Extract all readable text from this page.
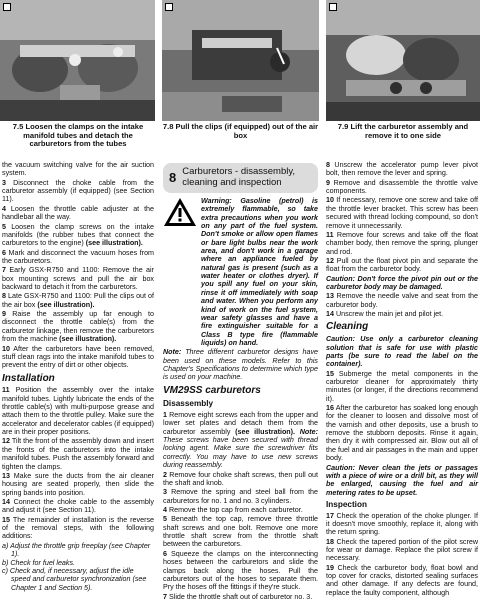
7.5 Loosen the clamps on the intake manifold tubes and detach the carburetors from the tubes
7.8 Pull the clips (if equipped) out of the air box
7.9 Lift the carburetor assembly and remove it to one side

the vacuum switching valve for the air suction system.

3 Disconnect the choke cable from the carburetor assembly (if equipped) (see Section 11).

4 Loosen the throttle cable adjuster at the handlebar all the way.

5 Loosen the clamp screws on the intake manifolds (the rubber tubes that connect the carburetors to the engine) (see illustration).

6 Mark and disconnect the vacuum hoses from the carburetors.

7 Early GSX-R750 and 1100: Remove the air box mounting screws and pull the air box backward to detach it from the carburetors.

8 Late GSX-R750 and 1100: Pull the clips out of the air box (see illustration).

9 Raise the assembly up far enough to disconnect the throttle cable(s) from the carburetor linkage, then remove the carburetors from the machine (see illustration).

10 After the carburetors have been removed, stuff clean rags into the intake manifold tubes to prevent the entry of dirt or other objects.

Installation

11 Position the assembly over the intake manifold tubes. Lightly lubricate the ends of the throttle cable(s) with multi-purpose grease and attach them to the throttle pulley. Make sure the accelerator and decelerator cables (if equipped) are in their proper positions.

12 Tilt the front of the assembly down and insert the fronts of the carburetors into the intake manifold tubes. Push the assembly forward and tighten the clamps.

13 Make sure the ducts from the air cleaner housing are seated properly, then slide the spring bands into position.

14 Connect the choke cable to the assembly and adjust it (see Section 11).

15 The remainder of installation is the reverse of the removal steps, with the following additions:

a) Adjust the throttle grip freeplay (see Chapter 1).
b) Check for fuel leaks.
c) Check and, if necessary, adjust the idle speed and carburetor synchronization (see Chapter 1 and Section 5).
8 Carburetors - disassembly, cleaning and inspection

Warning: Gasoline (petrol) is extremely flammable, so take extra precautions when you work on any part of the fuel system. Don't smoke or allow open flames or bare light bulbs near the work area, and don't work in a garage where an appliance fueled by natural gas is present (such as a water heater or clothes dryer). If you spill any fuel on your skin, rinse it off immediately with soap and water. When you perform any kind of work on the fuel system, wear safety glasses and have a fire extinguisher suitable for a Class B type fire (flammable liquids) on hand.

Note: Three different carburetor designs have been used on these models. Refer to this Chapter's Specifications to determine which type is used on your machine.

VM29SS carburetors
Disassembly

1 Remove eight screws each from the upper and lower set plates and detach them from the carburetor assembly (see illustration). Note: These screws have been secured with thread locking agent. Make sure the screwdriver fits correctly. You may have to use new screws during reassembly.

2 Remove four choke shaft screws, then pull out the shaft and knob.

3 Remove the spring and steel ball from the carburetors for no. 1 and no. 3 cylinders.

4 Remove the top cap from each carburetor.

5 Beneath the top cap, remove three throttle shaft screws and one bolt. Remove one more throttle shaft screw from the throttle shaft between the carburetors.

6 Squeeze the clamps on the interconnecting hoses between the carburetors and slide the clamps back along the hoses. Pull the carburetors out of the hoses to separate them. Pry the hoses off the fittings if they're stuck.

7 Slide the throttle shaft out of carburetor no. 3.

8 Unscrew the accelerator pump lever pivot bolt, then remove the lever and spring.

9 Remove and disassemble the throttle valve components.

10 If necessary, remove one screw and take off the throttle lever bracket. This screw has been secured with thread locking compound, so don't remove it unnecessarily.

11 Remove four screws and take off the float chamber body, then remove the spring, plunger and rod.

12 Pull out the float pivot pin and separate the float from the carburetor body.

Caution: Don't force the pivot pin out or the carburetor body may be damaged.

13 Remove the needle valve and seat from the carburetor body.

14 Unscrew the main jet and pilot jet.

Cleaning

Caution: Use only a carburetor cleaning solution that is safe for use with plastic parts (be sure to read the label on the container).

15 Submerge the metal components in the carburetor cleaner for approximately thirty minutes (or longer, if the directions recommend it).

16 After the carburetor has soaked long enough for the cleaner to loosen and dissolve most of the varnish and other deposits, use a brush to remove the stubborn deposits. Rinse it again, then dry it with compressed air. Blow out all of the fuel and air passages in the main and upper body.

Caution: Never clean the jets or passages with a piece of wire or a drill bit, as they will be enlarged, causing the fuel and air metering rates to be upset.

Inspection

17 Check the operation of the choke plunger. If it doesn't move smoothly, replace it, along with the return spring.

18 Check the tapered portion of the pilot screw for wear or damage. Replace the pilot screw if necessary.

19 Check the carburetor body, float bowl and top cover for cracks, distorted sealing surfaces and other damage. If any defects are found, replace the faulty component, although
